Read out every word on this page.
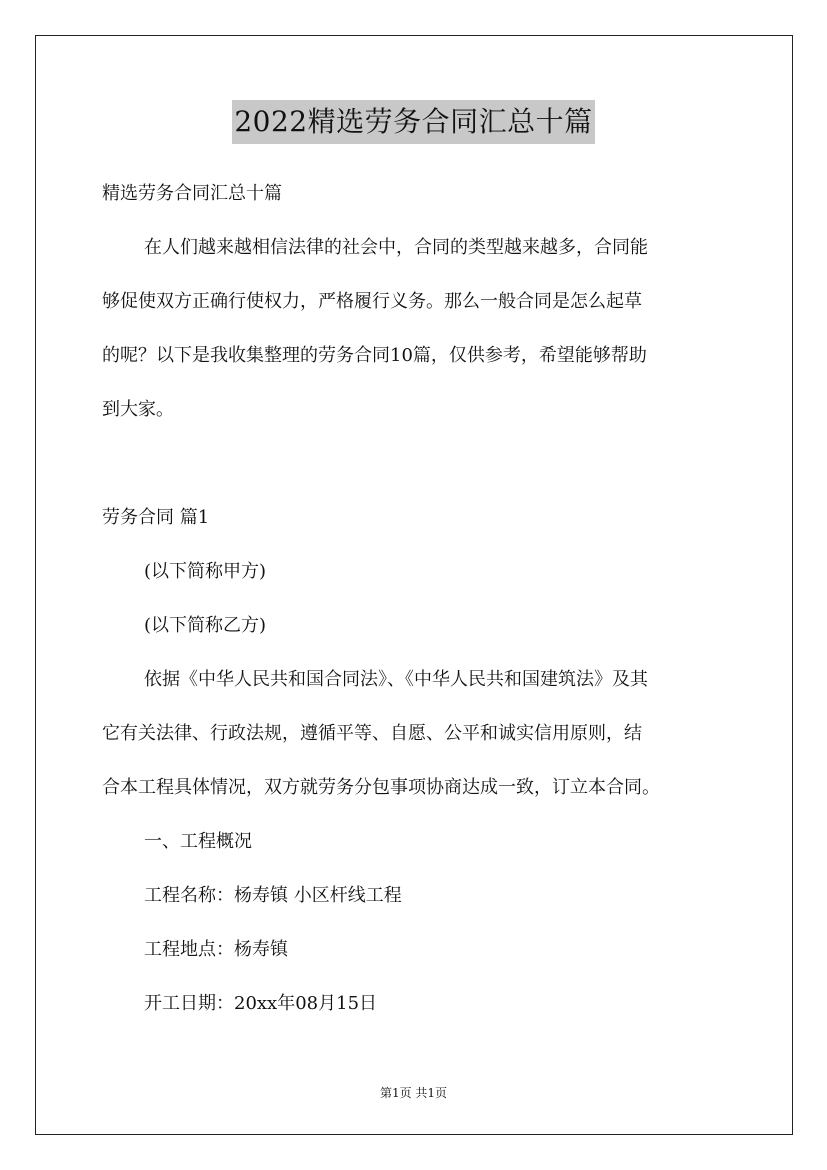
2022精选劳务合同汇总十篇
精选劳务合同汇总十篇
在人们越来越相信法律的社会中，合同的类型越来越多，合同能
够促使双方正确行使权力，严格履行义务。那么一般合同是怎么起草
的呢？以下是我收集整理的劳务合同10篇，仅供参考，希望能够帮助
到大家。
劳务合同 篇1
(以下简称甲方)
(以下简称乙方)
依据《中华人民共和国合同法》、《中华人民共和国建筑法》及其
它有关法律、行政法规，遵循平等、自愿、公平和诚实信用原则，结
合本工程具体情况，双方就劳务分包事项协商达成一致，订立本合同。
一、工程概况
工程名称：杨寿镇 小区杆线工程
工程地点：杨寿镇
开工日期：20xx年08月15日
第1页 共1页
